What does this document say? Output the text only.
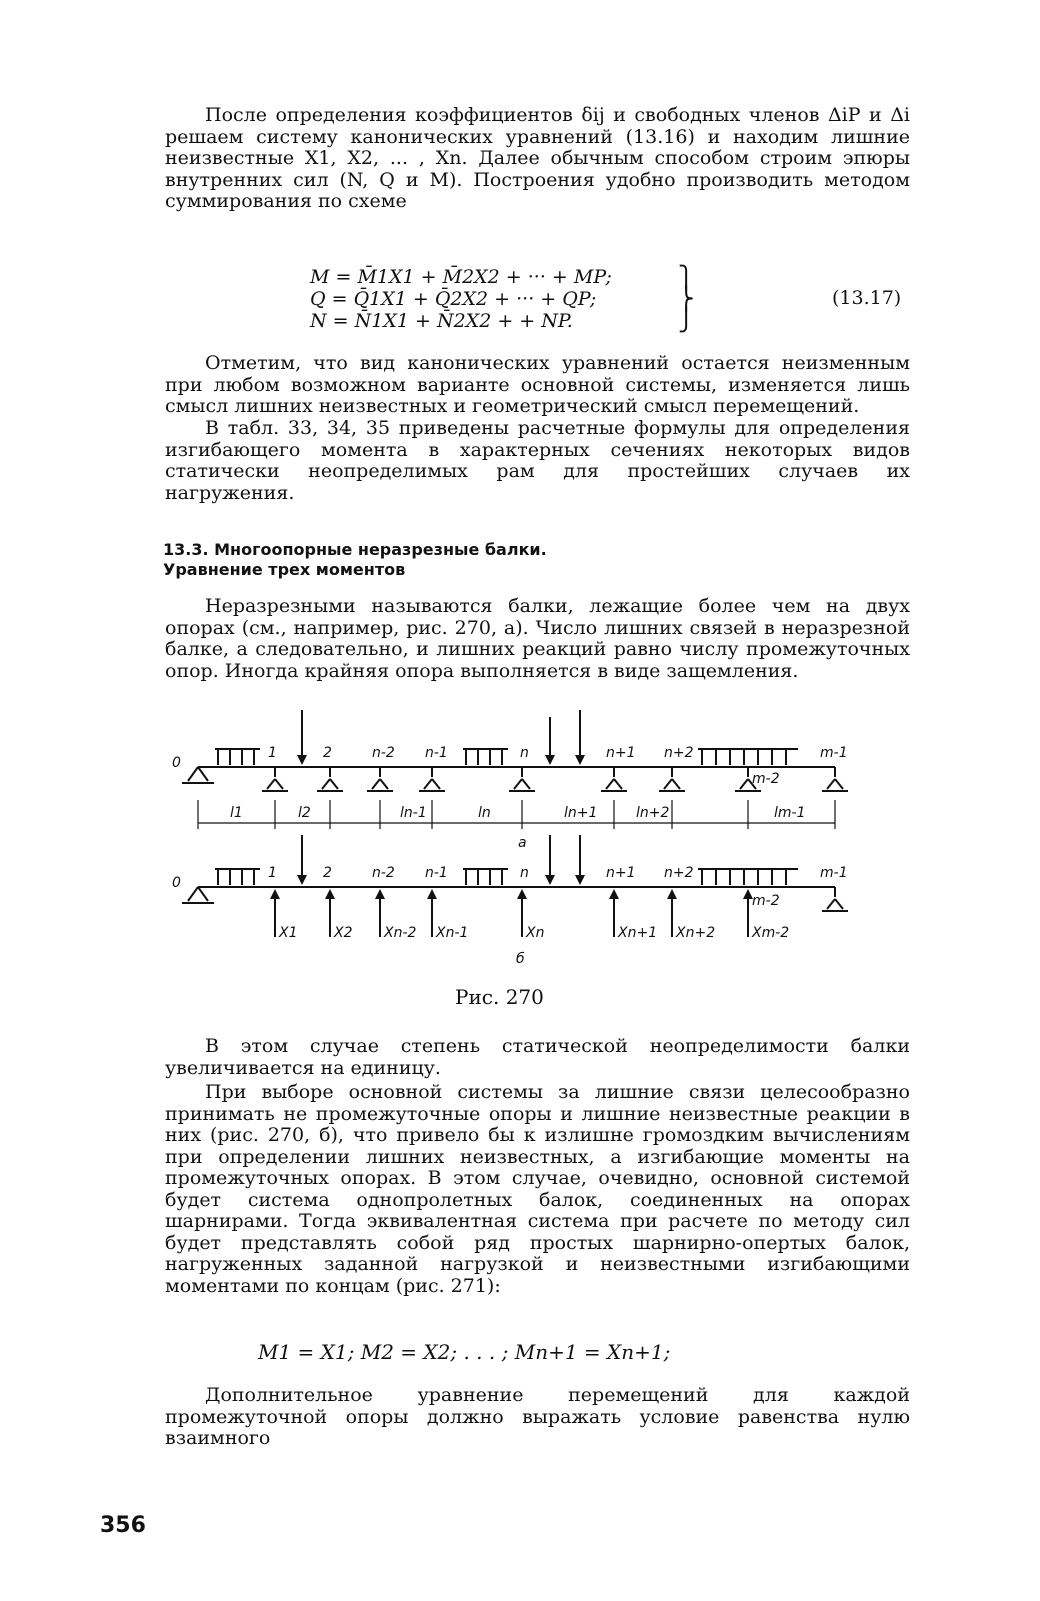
После определения коэффициентов δij и свободных членов ΔiP и Δi решаем систему канонических уравнений (13.16) и находим лишние неизвестные X1, X2, ... , Xn. Далее обычным способом строим эпюры внутренних сил (N, Q и M). Построения удобно производить методом суммирования по схеме
M = M̄1X1 + M̄2X2 + ··· + MP;
Q = Q̄1X1 + Q̄2X2 + ··· + QP;
N = N̄1X1 + N̄2X2 + + NP.
⎫
⎬
⎭
(13.17)
Отметим, что вид канонических уравнений остается неизменным при любом возможном варианте основной системы, изменяется лишь смысл лишних неизвестных и геометрический смысл перемещений.
В табл. 33, 34, 35 приведены расчетные формулы для определения изгибающего момента в характерных сечениях некоторых видов статически неопределимых рам для простейших случаев их нагружения.
13.3. Многоопорные неразрезные балки.
Уравнение трех моментов
Неразрезными называются балки, лежащие более чем на двух опорах (см., например, рис. 270, а). Число лишних связей в неразрезной балке, а следовательно, и лишних реакций равно числу промежуточных опор. Иногда крайняя опора выполняется в виде защемления.
0
1	2	n-2 n-1	n	n+1 n+2
m-2
m-1
l1	l2	ln-1	ln	ln+1	ln+2	lm-1
а
0
1	2	n-2 n-1	n	n+1 n+2
m-2
m-1
X1	X2 Xn-2 Xn-1	Xn	Xn+1 Xn+2	Xm-2
б
Рис. 270
В этом случае степень статической неопределимости балки увеличивается на единицу.
При выборе основной системы за лишние связи целесообразно принимать не промежуточные опоры и лишние неизвестные реакции в них (рис. 270, б), что привело бы к излишне громоздким вычислениям при определении лишних неизвестных, а изгибающие моменты на промежуточных опорах. В этом случае, очевидно, основной системой будет система однопролетных балок, соединенных на опорах шарнирами. Тогда эквивалентная система при расчете по методу сил будет представлять собой ряд простых шарнирно-опертых балок, нагруженных заданной нагрузкой и неизвестными изгибающими моментами по концам (рис. 271):
M1 = X1; M2 = X2; . . . ; Mn+1 = Xn+1;
Дополнительное уравнение перемещений для каждой промежуточной опоры должно выражать условие равенства нулю взаимного
356
